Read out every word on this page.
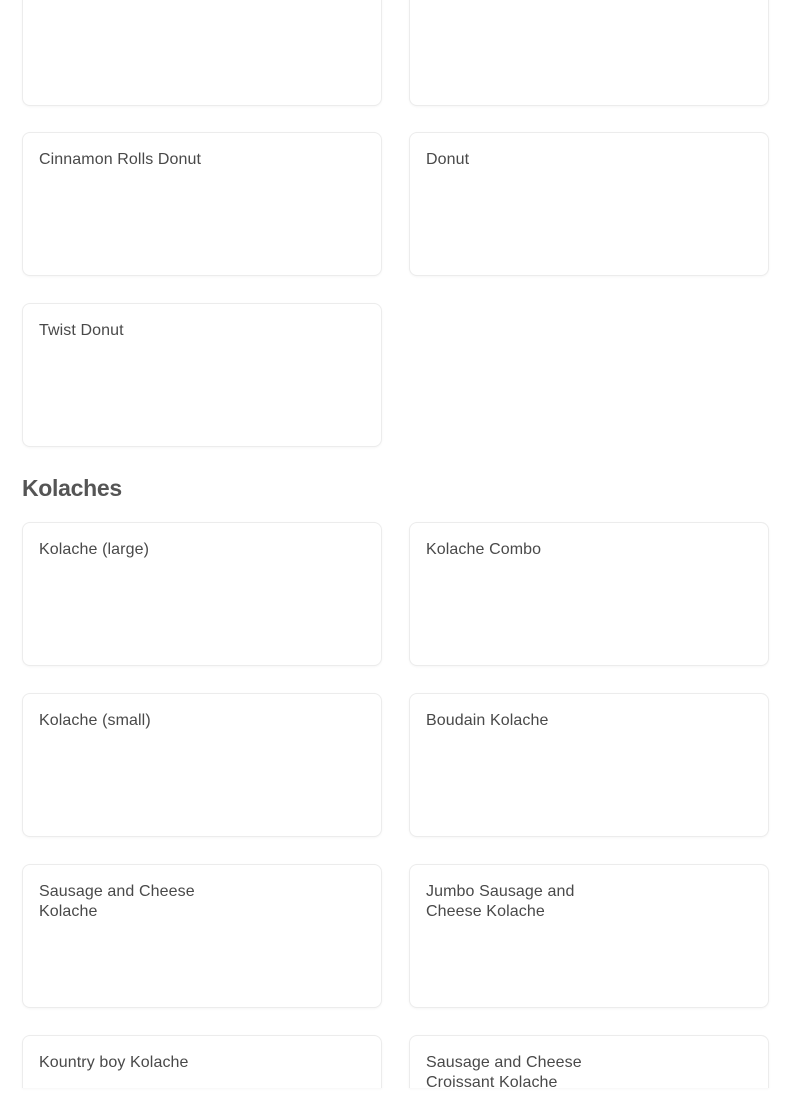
Cinnamon Rolls Donut	Donut
Twist Donut
Kolaches
Kolache (large)	Kolache Combo
Kolache (small)	Boudain Kolache
Sausage and Cheese Kolache
Jumbo Sausage and Cheese Kolache
Kountry boy Kolache	Sausage and Cheese Croissant Kolache
